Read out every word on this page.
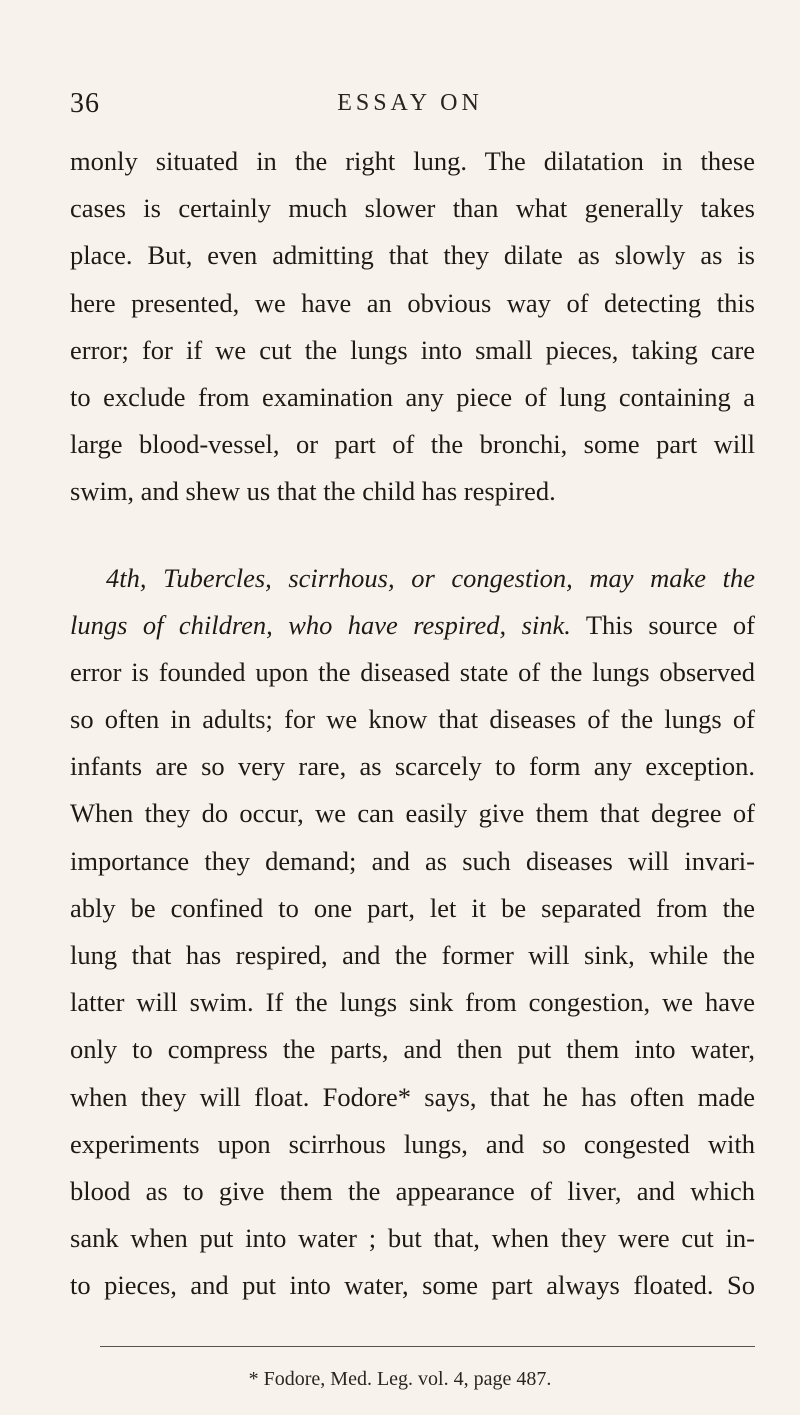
36	ESSAY ON
monly situated in the right lung. The dilatation in these
cases is certainly much slower than what generally takes
place. But, even admitting that they dilate as slowly as is
here presented, we have an obvious way of detecting this
error; for if we cut the lungs into small pieces, taking care
to exclude from examination any piece of lung containing a
large blood-vessel, or part of the bronchi, some part will
swim, and shew us that the child has respired.
4th, Tubercles, scirrhous, or congestion, may make the
lungs of children, who have respired, sink. This source of
error is founded upon the diseased state of the lungs observed
so often in adults; for we know that diseases of the lungs of
infants are so very rare, as scarcely to form any exception.
When they do occur, we can easily give them that degree of
importance they demand; and as such diseases will invari-
ably be confined to one part, let it be separated from the
lung that has respired, and the former will sink, while the
latter will swim. If the lungs sink from congestion, we have
only to compress the parts, and then put them into water,
when they will float. Fodore* says, that he has often made
experiments upon scirrhous lungs, and so congested with
blood as to give them the appearance of liver, and which
sank when put into water ; but that, when they were cut in-
to pieces, and put into water, some part always floated. So
* Fodore, Med. Leg. vol. 4, page 487.
